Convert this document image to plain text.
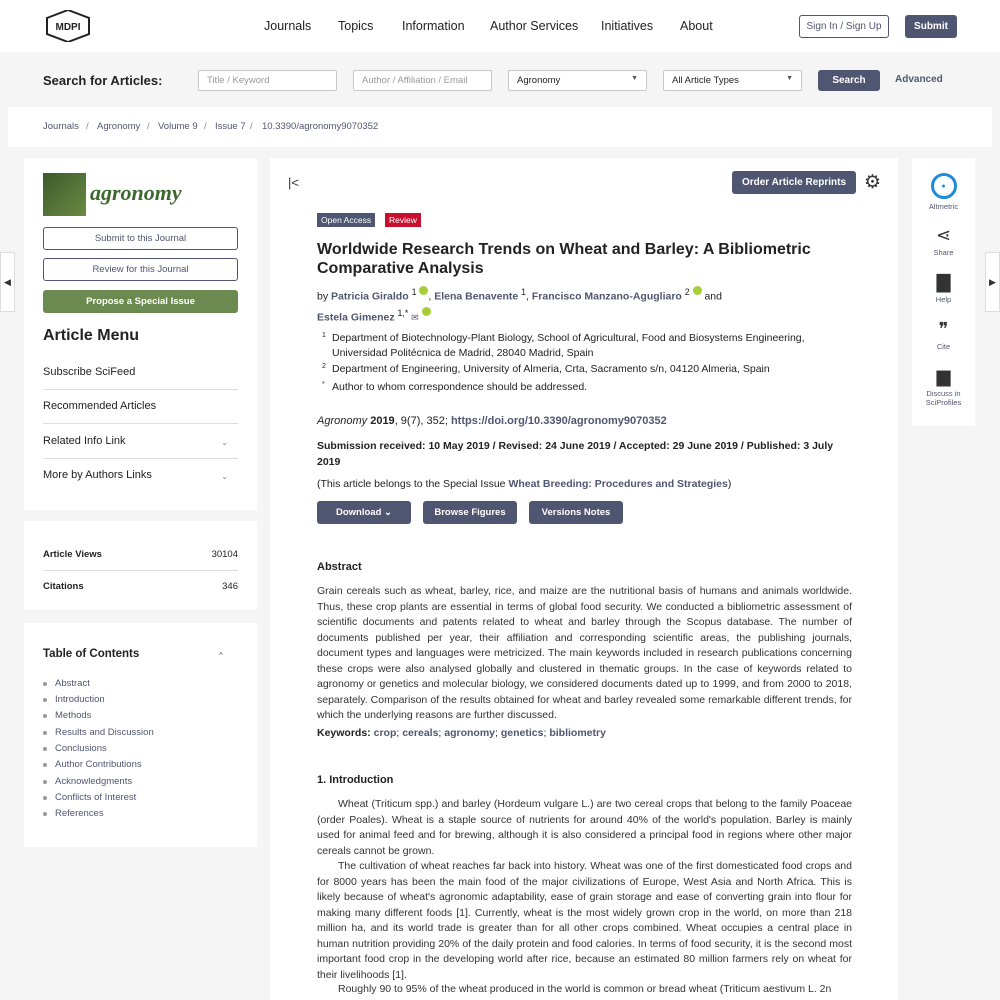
MDPI	Journals Topics Information Author Services Initiatives About	Sign In / Sign Up	Submit
Search for Articles:	Title / Keyword	Author / Affiliation / Email	Agronomy	▼	All Article Types	▼	Search	Advanced
Journals / Agronomy / Volume 9 / Issue 7 / 10.3390/agronomy9070352
◀	▶
agronomy
Submit to this Journal
Review for this Journal
Propose a Special Issue
Article Menu
Subscribe SciFeed
Recommended Articles
Related Info Link	⌄
More by Authors Links	⌄
Article Views	30104
Citations	346
Table of Contents	^
Abstract
Introduction
Methods
Results and Discussion
Conclusions
Author Contributions
Acknowledgments
Conflicts of Interest
References
|<	Order Article Reprints ⚙
Open Access	Review
Worldwide Research Trends on Wheat and Barley: A Bibliometric Comparative Analysis
by Patricia Giraldo $^1$ , Elena Benavente $^1$, Francisco Manzano-Agugliaro $^2$ and
Estela Gimenez $^{1,*}$ ✉
1 Department of Biotechnology-Plant Biology, School of Agricultural, Food and Biosystems Engineering, Universidad Politécnica de Madrid, 28040 Madrid, Spain
2 Department of Engineering, University of Almeria, Crta, Sacramento s/n, 04120 Almeria, Spain
* Author to whom correspondence should be addressed.
Agronomy 2019, 9(7), 352; https://doi.org/10.3390/agronomy9070352
Submission received: 10 May 2019 / Revised: 24 June 2019 / Accepted: 29 June 2019 / Published: 3 July 2019
(This article belongs to the Special Issue Wheat Breeding: Procedures and Strategies)
Download
⌄	Browse Figures	Versions Notes
Abstract
Grain cereals such as wheat, barley, rice, and maize are the nutritional basis of humans and animals worldwide. Thus, these crop plants are essential in terms of global food security. We conducted a bibliometric assessment of scientific documents and patents related to wheat and barley through the Scopus database. The number of documents published per year, their affiliation and corresponding scientific areas, the publishing journals, document types and languages were metricized. The main keywords included in research publications concerning these crops were also analysed globally and clustered in thematic groups. In the case of keywords related to agronomy or genetics and molecular biology, we considered documents dated up to 1999, and from 2000 to 2018, separately. Comparison of the results obtained for wheat and barley revealed some remarkable different trends, for which the underlying reasons are further discussed.
Keywords: crop; cereals; agronomy; genetics; bibliometry
1. Introduction
Wheat (Triticum spp.) and barley (Hordeum vulgare L.) are two cereal crops that belong to the family Poaceae (order Poales). Wheat is a staple source of nutrients for around 40% of the world's population. Barley is mainly used for animal feed and for brewing, although it is also considered a principal food in regions where other major cereals cannot be grown.
The cultivation of wheat reaches far back into history. Wheat was one of the first domesticated food crops and for 8000 years has been the main food of the major civilizations of Europe, West Asia and North Africa. This is likely because of wheat's agronomic adaptability, ease of grain storage and ease of converting grain into flour for making many different foods [1]. Currently, wheat is the most widely grown crop in the world, on more than 218 million ha, and its world trade is greater than for all other crops combined. Wheat occupies a central place in human nutrition providing 20% of the daily protein and food calories. In terms of food security, it is the second most important food crop in the developing world after rice, because an estimated 80 million farmers rely on wheat for their livelihoods [1].
Roughly 90 to 95% of the wheat produced in the world is common or bread wheat (Triticum aestivum L. 2n
●
Altmetric
⋖
Share
▇
Help
❞
Cite
▆
Discuss in SciProfiles
